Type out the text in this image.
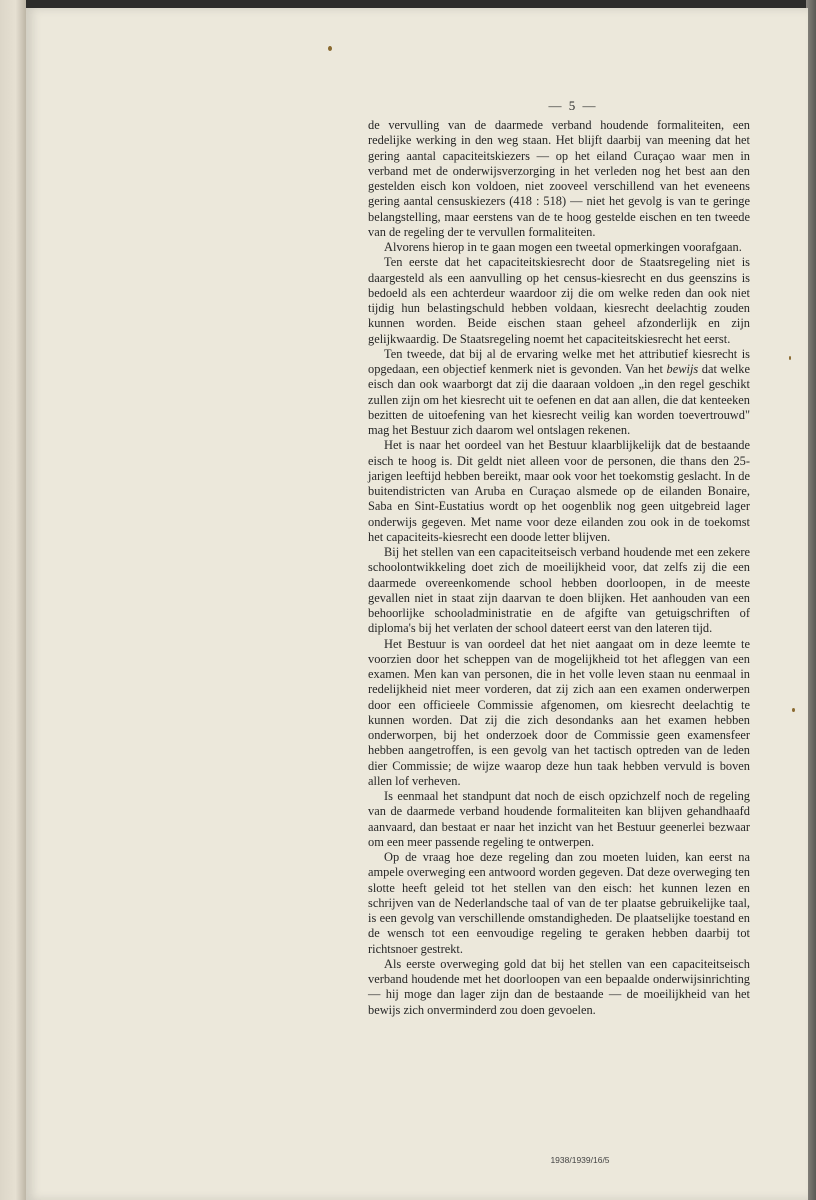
— 5 —

de vervulling van de daarmede verband houdende formaliteiten, een redelijke werking in den weg staan. Het blijft daarbij van meening dat het gering aantal capaciteitskiezers — op het eiland Curaçao waar men in verband met de onderwijsverzorging in het verleden nog het best aan den gestelden eisch kon voldoen, niet zooveel verschillend van het eveneens gering aantal censuskiezers (418 : 518) — niet het gevolg is van te geringe belangstelling, maar eerstens van de te hoog gestelde eischen en ten tweede van de regeling der te vervullen formaliteiten.

Alvorens hierop in te gaan mogen een tweetal opmerkingen voorafgaan.

Ten eerste dat het capaciteitskiesrecht door de Staatsregeling niet is daargesteld als een aanvulling op het census-kiesrecht en dus geenszins is bedoeld als een achterdeur waardoor zij die om welke reden dan ook niet tijdig hun belastingschuld hebben voldaan, kiesrecht deelachtig zouden kunnen worden. Beide eischen staan geheel afzonderlijk en zijn gelijkwaardig. De Staatsregeling noemt het capaciteitskiesrecht het eerst.

Ten tweede, dat bij al de ervaring welke met het attributief kiesrecht is opgedaan, een objectief kenmerk niet is gevonden. Van het bewijs dat welke eisch dan ook waarborgt dat zij die daaraan voldoen „in den regel geschikt zullen zijn om het kiesrecht uit te oefenen en dat aan allen, die dat kenteeken bezitten de uitoefening van het kiesrecht veilig kan worden toevertrouwd" mag het Bestuur zich daarom wel ontslagen rekenen.

Het is naar het oordeel van het Bestuur klaarblijkelijk dat de bestaande eisch te hoog is. Dit geldt niet alleen voor de personen, die thans den 25-jarigen leeftijd hebben bereikt, maar ook voor het toekomstig geslacht. In de buitendistricten van Aruba en Curaçao alsmede op de eilanden Bonaire, Saba en Sint-Eustatius wordt op het oogenblik nog geen uitgebreid lager onderwijs gegeven. Met name voor deze eilanden zou ook in de toekomst het capaciteits-kiesrecht een doode letter blijven.

Bij het stellen van een capaciteitseisch verband houdende met een zekere schoolontwikkeling doet zich de moeilijkheid voor, dat zelfs zij die een daarmede overeenkomende school hebben doorloopen, in de meeste gevallen niet in staat zijn daarvan te doen blijken. Het aanhouden van een behoorlijke schooladministratie en de afgifte van getuigschriften of diploma's bij het verlaten der school dateert eerst van den lateren tijd.

Het Bestuur is van oordeel dat het niet aangaat om in deze leemte te voorzien door het scheppen van de mogelijkheid tot het afleggen van een examen. Men kan van personen, die in het volle leven staan nu eenmaal in redelijkheid niet meer vorderen, dat zij zich aan een examen onderwerpen door een officieele Commissie afgenomen, om kiesrecht deelachtig te kunnen worden. Dat zij die zich desondanks aan het examen hebben onderworpen, bij het onderzoek door de Commissie geen examensfeer hebben aangetroffen, is een gevolg van het tactisch optreden van de leden dier Commissie; de wijze waarop deze hun taak hebben vervuld is boven allen lof verheven.

Is eenmaal het standpunt dat noch de eisch opzichzelf noch de regeling van de daarmede verband houdende formaliteiten kan blijven gehandhaafd aanvaard, dan bestaat er naar het inzicht van het Bestuur geenerlei bezwaar om een meer passende regeling te ontwerpen.

Op de vraag hoe deze regeling dan zou moeten luiden, kan eerst na ampele overweging een antwoord worden gegeven. Dat deze overweging ten slotte heeft geleid tot het stellen van den eisch: het kunnen lezen en schrijven van de Nederlandsche taal of van de ter plaatse gebruikelijke taal, is een gevolg van verschillende omstandigheden. De plaatselijke toestand en de wensch tot een eenvoudige regeling te geraken hebben daarbij tot richtsnoer gestrekt.

Als eerste overweging gold dat bij het stellen van een capaciteitseisch verband houdende met het doorloopen van een bepaalde onderwijsinrichting — hij moge dan lager zijn dan de bestaande — de moeilijkheid van het bewijs zich onverminderd zou doen gevoelen.

1938/1939/16/5
